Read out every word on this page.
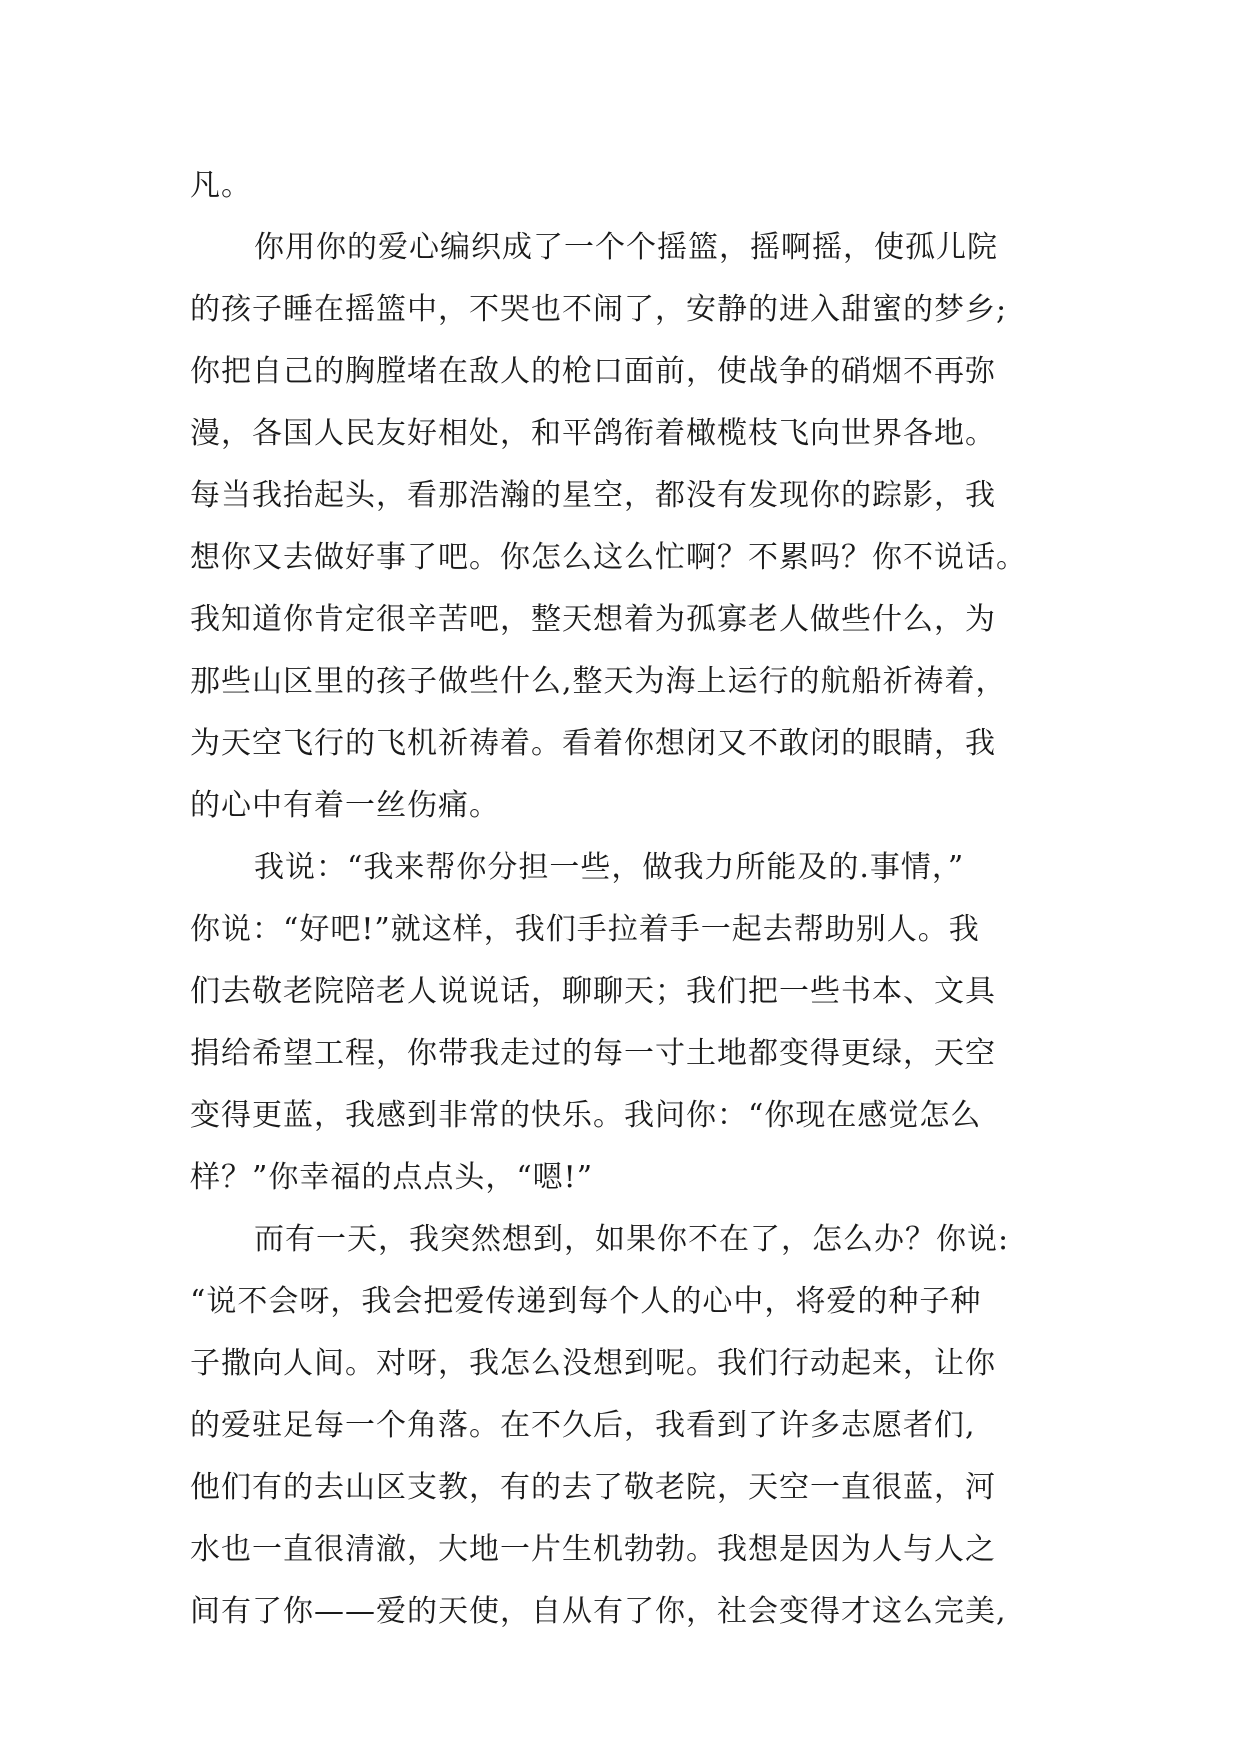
凡。
你用你的爱心编织成了一个个摇篮，摇啊摇，使孤儿院
的孩子睡在摇篮中，不哭也不闹了，安静的进入甜蜜的梦乡;
你把自己的胸膛堵在敌人的枪口面前，使战争的硝烟不再弥
漫，各国人民友好相处，和平鸽衔着橄榄枝飞向世界各地。
每当我抬起头，看那浩瀚的星空，都没有发现你的踪影，我
想你又去做好事了吧。你怎么这么忙啊？不累吗？你不说话。
我知道你肯定很辛苦吧，整天想着为孤寡老人做些什么，为
那些山区里的孩子做些什么,整天为海上运行的航船祈祷着，
为天空飞行的飞机祈祷着。看着你想闭又不敢闭的眼睛，我
的心中有着一丝伤痛。
我说：“我来帮你分担一些，做我力所能及的.事情，”
你说：“好吧!”就这样，我们手拉着手一起去帮助别人。我
们去敬老院陪老人说说话，聊聊天；我们把一些书本、文具
捐给希望工程，你带我走过的每一寸土地都变得更绿，天空
变得更蓝，我感到非常的快乐。我问你：“你现在感觉怎么
样？”你幸福的点点头，“嗯!”
而有一天，我突然想到，如果你不在了，怎么办？你说:
“说不会呀，我会把爱传递到每个人的心中，将爱的种子种
子撒向人间。对呀，我怎么没想到呢。我们行动起来，让你
的爱驻足每一个角落。在不久后，我看到了许多志愿者们,
他们有的去山区支教，有的去了敬老院，天空一直很蓝，河
水也一直很清澈，大地一片生机勃勃。我想是因为人与人之
间有了你——爱的天使，自从有了你，社会变得才这么完美,
